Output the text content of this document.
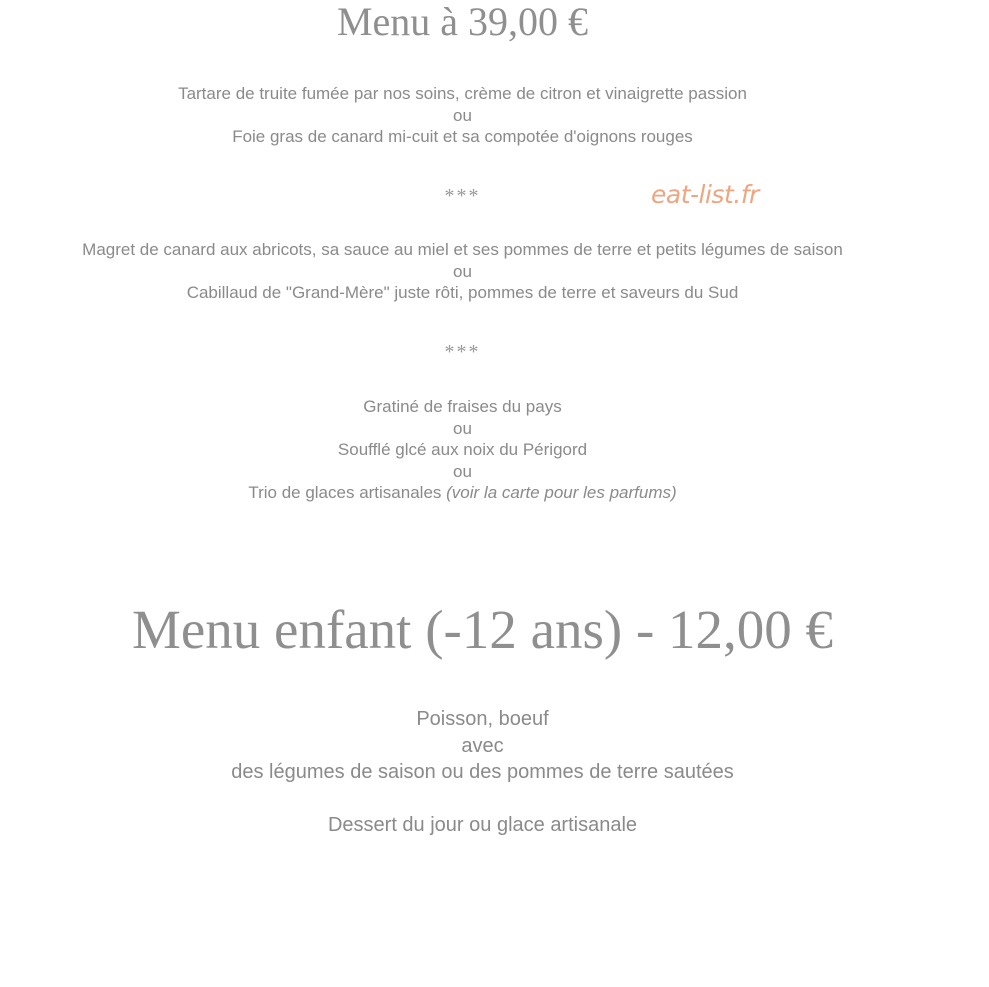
Menu à 39,00 €
Tartare de truite fumée par nos soins, crème de citron et vinaigrette passion
ou
Foie gras de canard mi-cuit et sa compotée d'oignons rouges
***	eat-list.fr
Magret de canard aux abricots, sa sauce au miel et ses pommes de terre et petits légumes de saison
ou
Cabillaud de "Grand-Mère" juste rôti, pommes de terre et saveurs du Sud
***
Gratiné de fraises du pays
ou
Soufflé glcé aux noix du Périgord
ou
Trio de glaces artisanales (voir la carte pour les parfums)
Menu enfant (-12 ans) - 12,00 €
Poisson, boeuf
avec
des légumes de saison ou des pommes de terre sautées
Dessert du jour ou glace artisanale
